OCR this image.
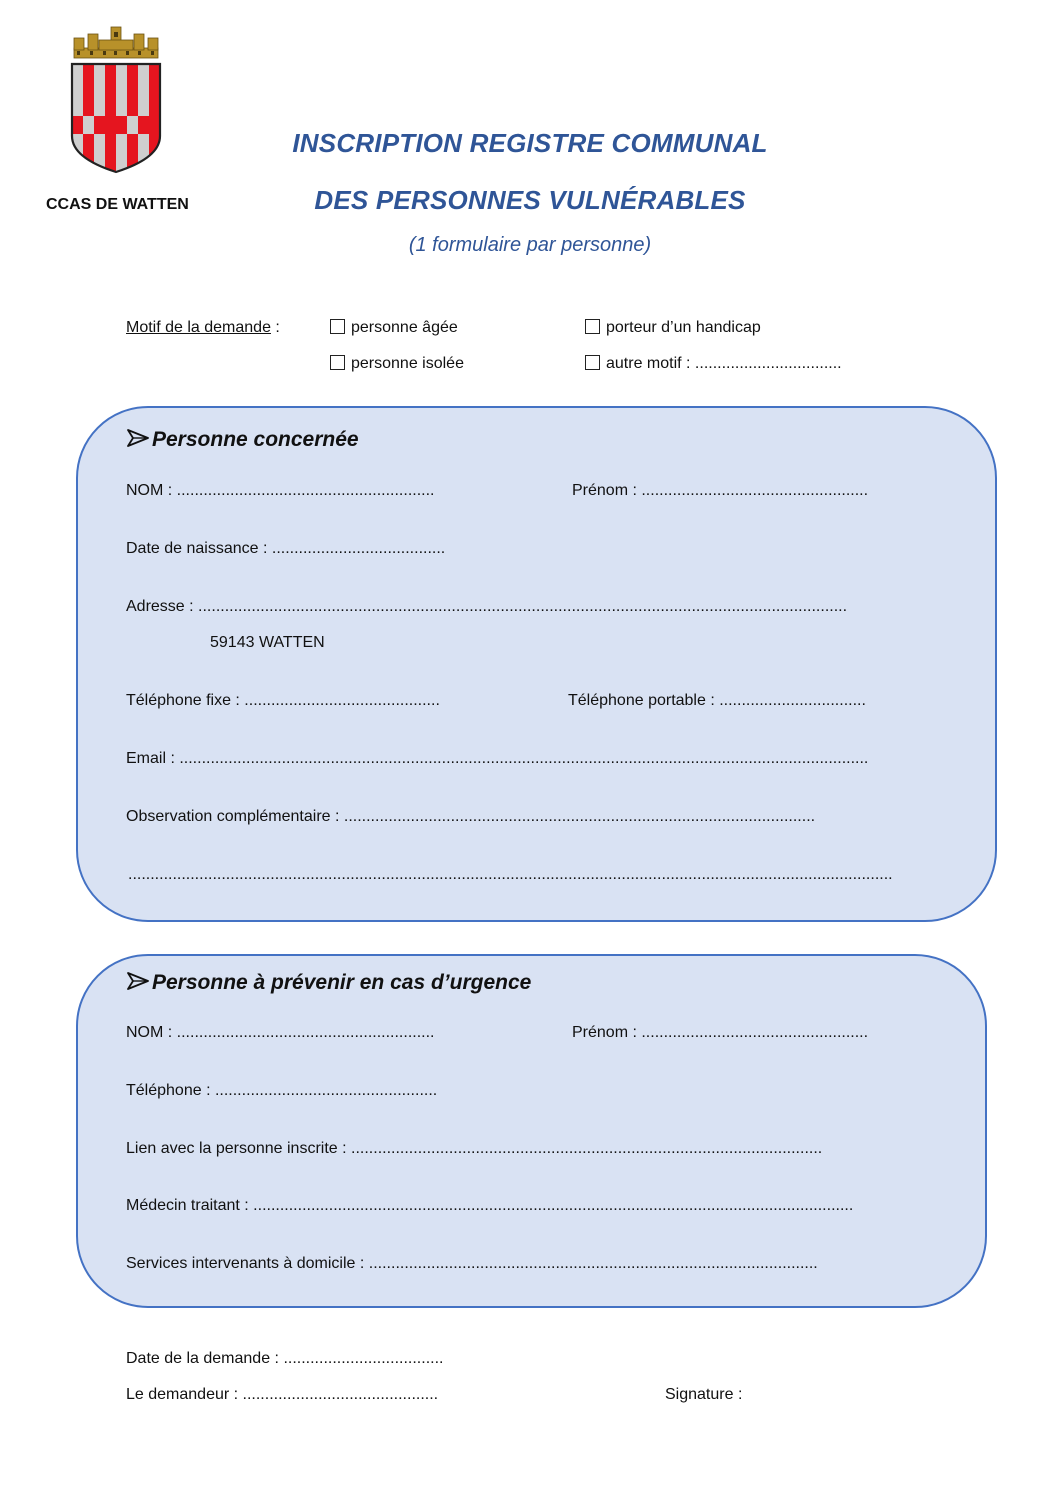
CCAS DE WATTEN
INSCRIPTION REGISTRE COMMUNAL
DES PERSONNES VULNÉRABLES
(1 formulaire par personne)
Motif de la demande :	personne âgée	porteur d’un handicap
personne isolée	autre motif : .................................
Personne concernée
NOM : ..........................................................	Prénom : ...................................................
Date de naissance : .......................................
Adresse : ..................................................................................................................................................
59143 WATTEN
Téléphone fixe : ............................................	Téléphone portable : .................................
Email : ...........................................................................................................................................................
Observation complémentaire : ..........................................................................................................
............................................................................................................................................................................
Personne à prévenir en cas d’urgence
NOM : ..........................................................	Prénom : ...................................................
Téléphone : ..................................................
Lien avec la personne inscrite : ..........................................................................................................
Médecin traitant : .......................................................................................................................................
Services intervenants à domicile : .....................................................................................................
Date de la demande : ....................................
Le demandeur : ............................................	Signature :
